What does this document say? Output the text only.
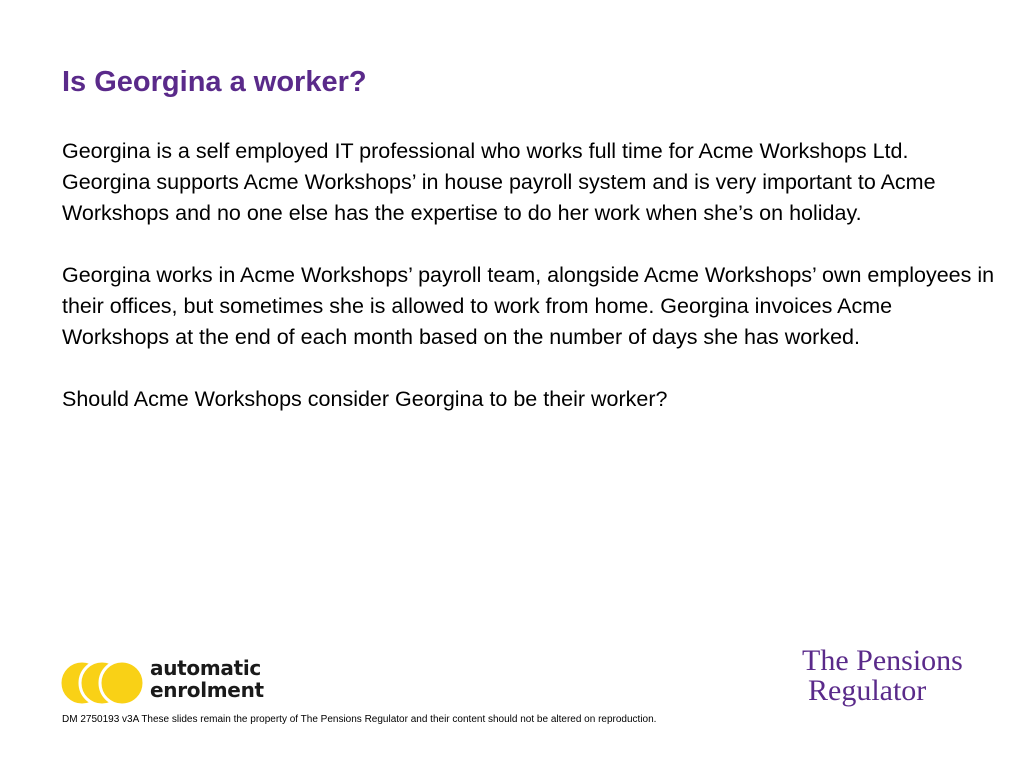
Is Georgina a worker?

Georgina is a self employed IT professional who works full time for Acme Workshops Ltd. Georgina supports Acme Workshops’ in house payroll system and is very important to Acme Workshops and no one else has the expertise to do her work when she’s on holiday.

Georgina works in Acme Workshops’ payroll team, alongside Acme Workshops’ own employees in their offices, but sometimes she is allowed to work from home. Georgina invoices Acme Workshops at the end of each month based on the number of days she has worked.

Should Acme Workshops consider Georgina to be their worker?

automatic
enrolment
The Pensions
Regulator
DM 2750193 v3A These slides remain the property of The Pensions Regulator and their content should not be altered on reproduction.
